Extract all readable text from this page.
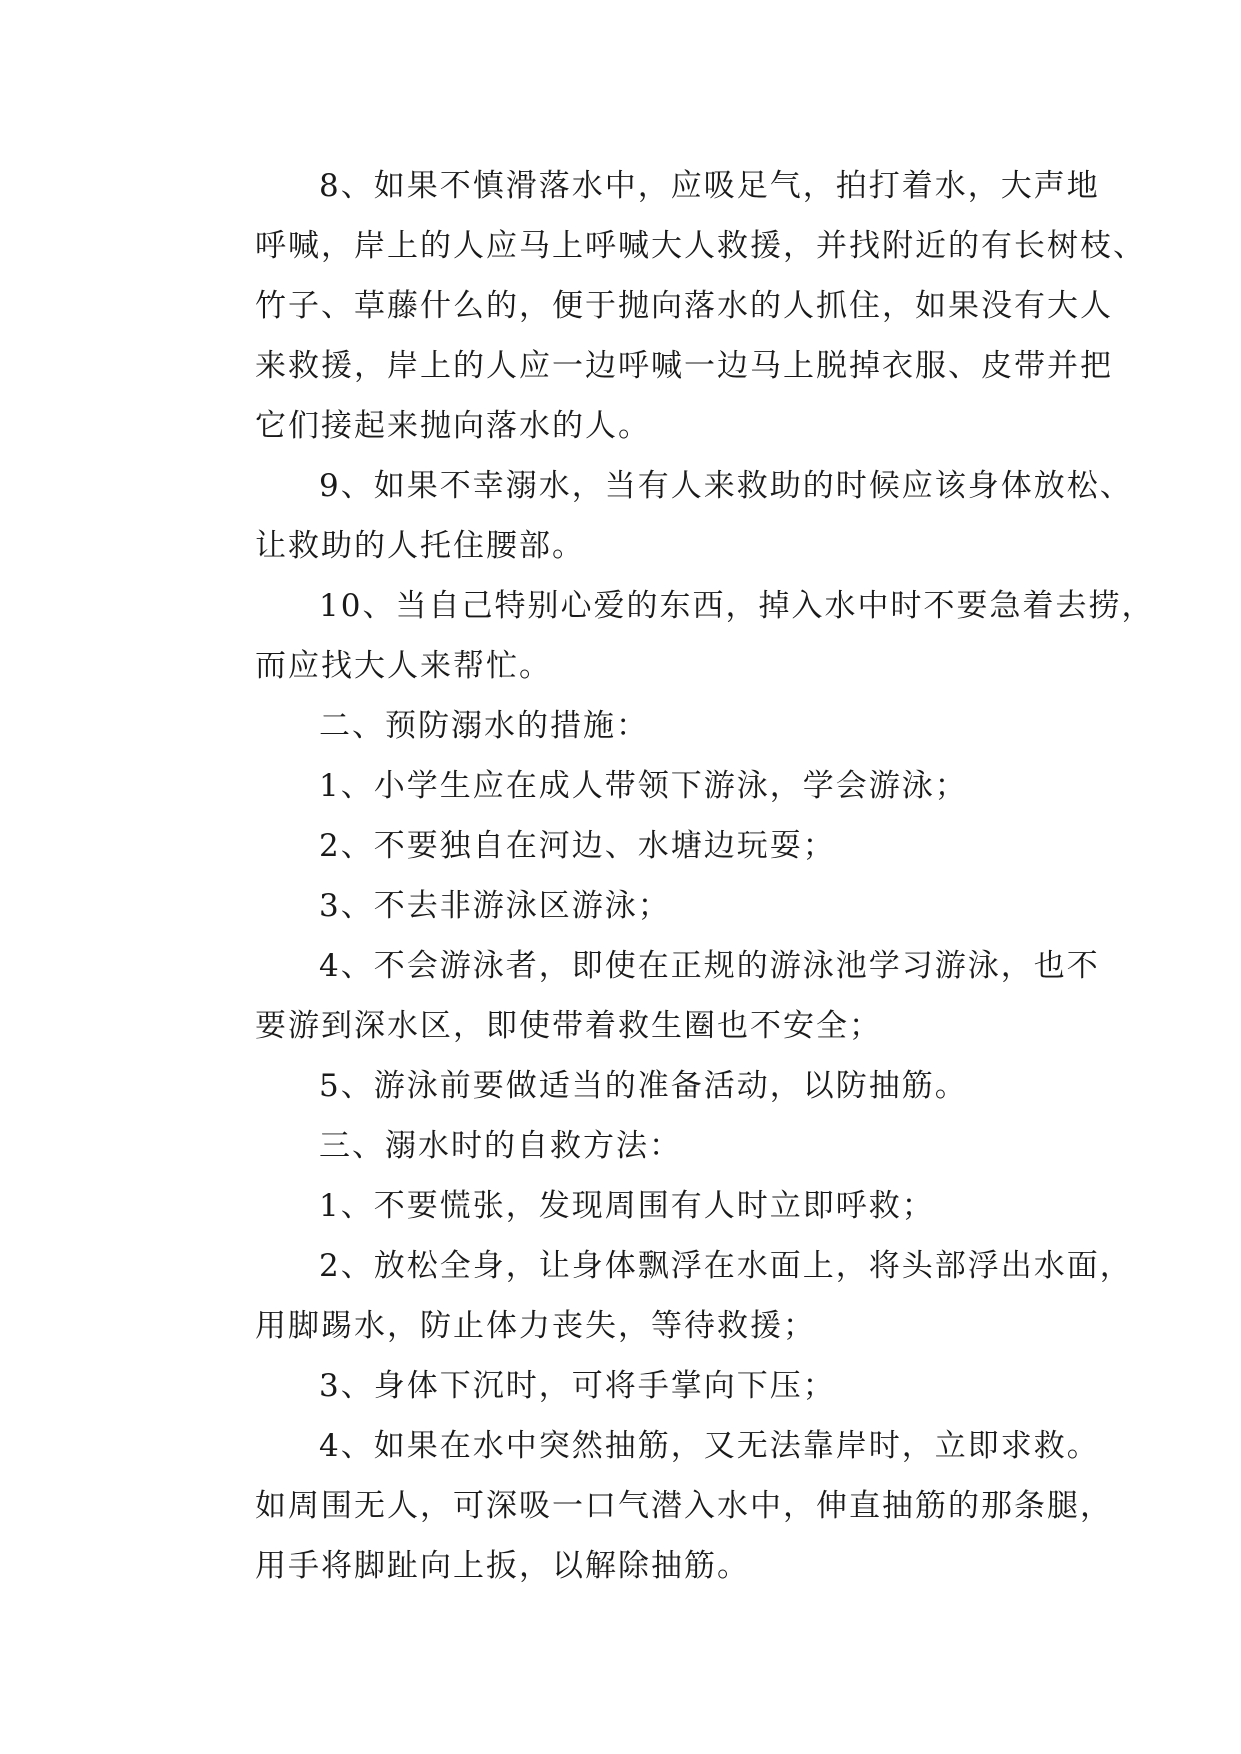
8、如果不慎滑落水中，应吸足气，拍打着水，大声地
呼喊，岸上的人应马上呼喊大人救援，并找附近的有长树枝、
竹子、草藤什么的，便于抛向落水的人抓住，如果没有大人
来救援，岸上的人应一边呼喊一边马上脱掉衣服、皮带并把
它们接起来抛向落水的人。
9、如果不幸溺水，当有人来救助的时候应该身体放松、
让救助的人托住腰部。
10、当自己特别心爱的东西，掉入水中时不要急着去捞，
而应找大人来帮忙。
二、预防溺水的措施：
1、小学生应在成人带领下游泳，学会游泳；
2、不要独自在河边、水塘边玩耍；
3、不去非游泳区游泳；
4、不会游泳者，即使在正规的游泳池学习游泳，也不
要游到深水区，即使带着救生圈也不安全；
5、游泳前要做适当的准备活动，以防抽筋。
三、溺水时的自救方法：
1、不要慌张，发现周围有人时立即呼救；
2、放松全身，让身体飘浮在水面上，将头部浮出水面，
用脚踢水，防止体力丧失，等待救援；
3、身体下沉时，可将手掌向下压；
4、如果在水中突然抽筋，又无法靠岸时，立即求救。
如周围无人，可深吸一口气潜入水中，伸直抽筋的那条腿，
用手将脚趾向上扳，以解除抽筋。
